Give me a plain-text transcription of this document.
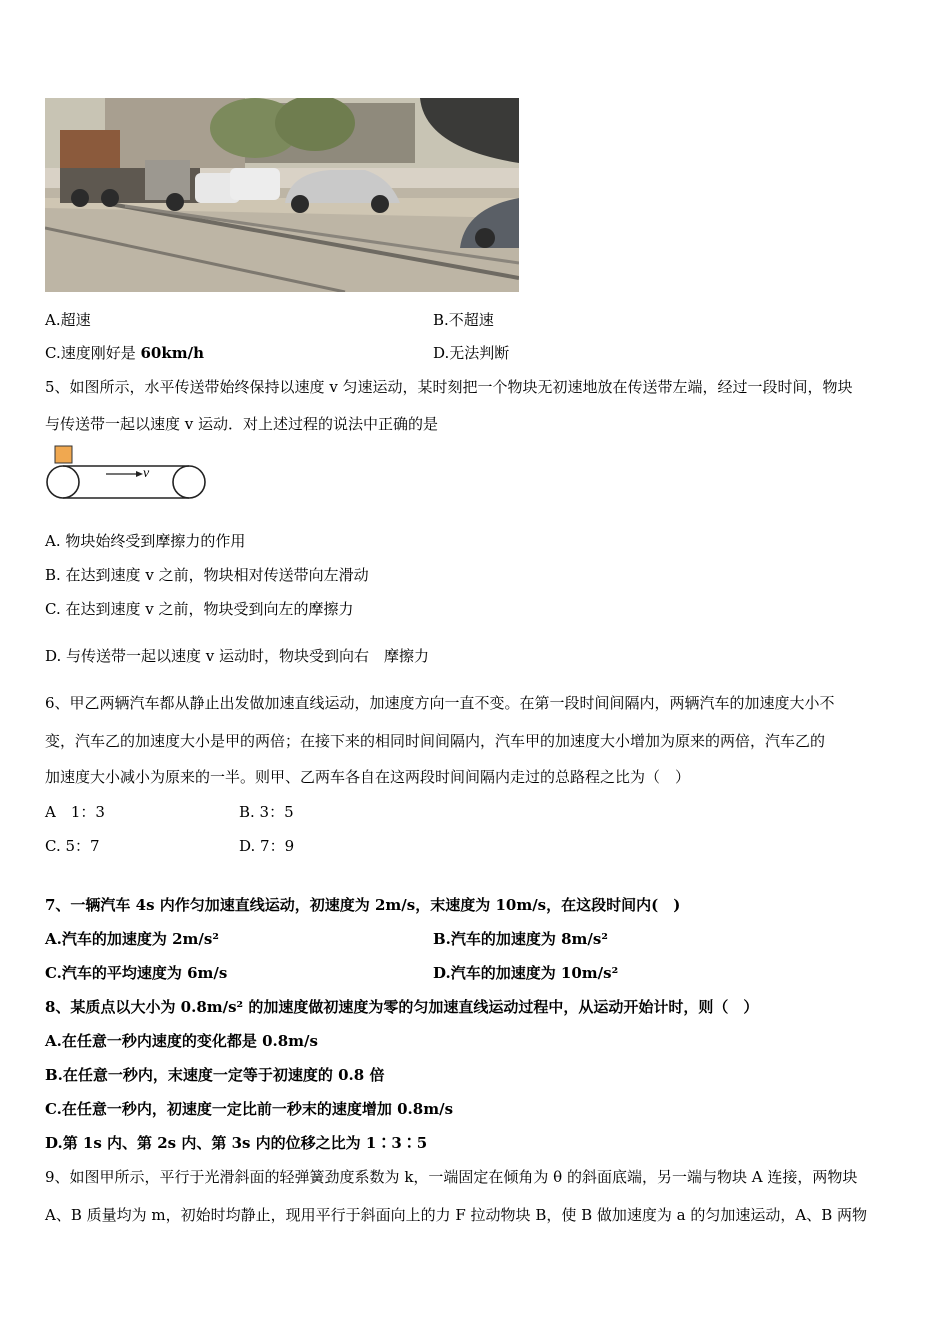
A.超速	B.不超速
C.速度刚好是 60km/h	D.无法判断
5、如图所示，水平传送带始终保持以速度 v 匀速运动，某时刻把一个物块无初速地放在传送带左端，经过一段时间，物块
与传送带一起以速度 v 运动．对上述过程的说法中正确的是
v
A. 物块始终受到摩擦力的作用
B. 在达到速度 v 之前，物块相对传送带向左滑动
C. 在达到速度 v 之前，物块受到向左的摩擦力
D. 与传送带一起以速度 v 运动时，物块受到向右　摩擦力
6、甲乙两辆汽车都从静止出发做加速直线运动，加速度方向一直不变。在第一段时间间隔内，两辆汽车的加速度大小不
变，汽车乙的加速度大小是甲的两倍；在接下来的相同时间间隔内，汽车甲的加速度大小增加为原来的两倍，汽车乙的
加速度大小减小为原来的一半。则甲、乙两车各自在这两段时间间隔内走过的总路程之比为（　）
A　1：3	B. 3：5
C. 5：7	D. 7：9
7、一辆汽车 4s 内作匀加速直线运动，初速度为 2m/s，末速度为 10m/s，在这段时间内(　)
A.汽车的加速度为 2m/s²	B.汽车的加速度为 8m/s²
C.汽车的平均速度为 6m/s	D.汽车的加速度为 10m/s²
8、某质点以大小为 0.8m/s² 的加速度做初速度为零的匀加速直线运动过程中，从运动开始计时，则（　）
A.在任意一秒内速度的变化都是 0.8m/s
B.在任意一秒内，末速度一定等于初速度的 0.8 倍
C.在任意一秒内，初速度一定比前一秒末的速度增加 0.8m/s
D.第 1s 内、第 2s 内、第 3s 内的位移之比为 1∶3∶5
9、如图甲所示，平行于光滑斜面的轻弹簧劲度系数为 k，一端固定在倾角为 θ 的斜面底端，另一端与物块 A 连接，两物块
A、B 质量均为 m，初始时均静止，现用平行于斜面向上的力 F 拉动物块 B，使 B 做加速度为 a 的匀加速运动，A、B 两物
